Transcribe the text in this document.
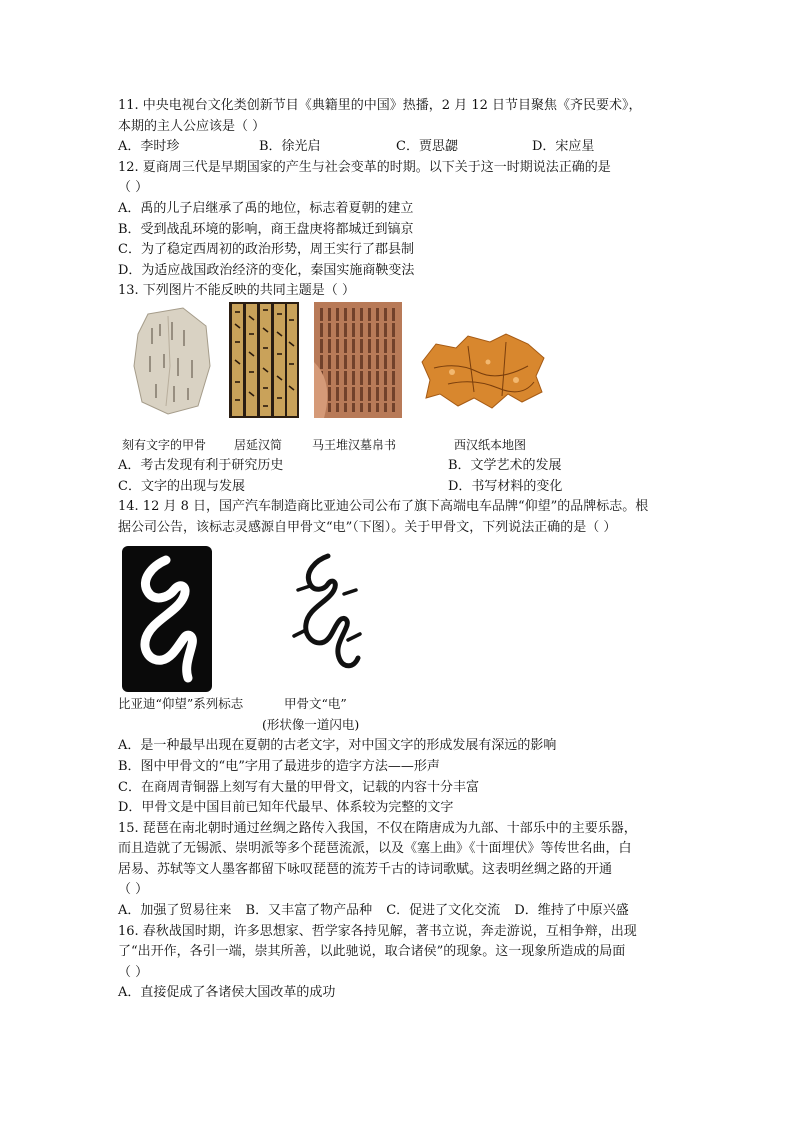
11. 中央电视台文化类创新节目《典籍里的中国》热播，2 月 12 日节目聚焦《齐民要术》，
本期的主人公应该是（ ）
A．李时珍	B．徐光启	C．贾思勰	D．宋应星
12. 夏商周三代是早期国家的产生与社会变革的时期。以下关于这一时期说法正确的是
（ ）
A．禹的儿子启继承了禹的地位，标志着夏朝的建立
B．受到战乱环境的影响，商王盘庚将都城迁到镐京
C．为了稳定西周初的政治形势，周王实行了郡县制
D．为适应战国政治经济的变化，秦国实施商鞅变法
13. 下列图片不能反映的共同主题是（ ）
刻有文字的甲骨 居延汉简 马王堆汉墓帛书	西汉纸本地图
A．考古发现有利于研究历史	B．文学艺术的发展
C．文字的出现与发展	D．书写材料的变化
14. 12 月 8 日，国产汽车制造商比亚迪公司公布了旗下高端电车品牌“仰望”的品牌标志。根
据公司公告，该标志灵感源自甲骨文“电”（下图）。关于甲骨文，下列说法正确的是（ ）
比亚迪“仰望”系列标志	甲骨文“电”
(形状像一道闪电)
A．是一种最早出现在夏朝的古老文字，对中国文字的形成发展有深远的影响
B．图中甲骨文的“电”字用了最进步的造字方法——形声
C．在商周青铜器上刻写有大量的甲骨文，记载的内容十分丰富
D．甲骨文是中国目前已知年代最早、体系较为完整的文字
15. 琵琶在南北朝时通过丝绸之路传入我国，不仅在隋唐成为九部、十部乐中的主要乐器，
而且造就了无锡派、崇明派等多个琵琶流派，以及《塞上曲》《十面埋伏》等传世名曲，白
居易、苏轼等文人墨客都留下咏叹琵琶的流芳千古的诗词歌赋。这表明丝绸之路的开通
（ ）
A．加强了贸易往来 B．又丰富了物产品种 C．促进了文化交流 D．维持了中原兴盛
16. 春秋战国时期，许多思想家、哲学家各持见解，著书立说，奔走游说，互相争辩，出现
了“出开作，各引一端，崇其所善，以此驰说，取合诸侯”的现象。这一现象所造成的局面
（ ）
A．直接促成了各诸侯大国改革的成功
